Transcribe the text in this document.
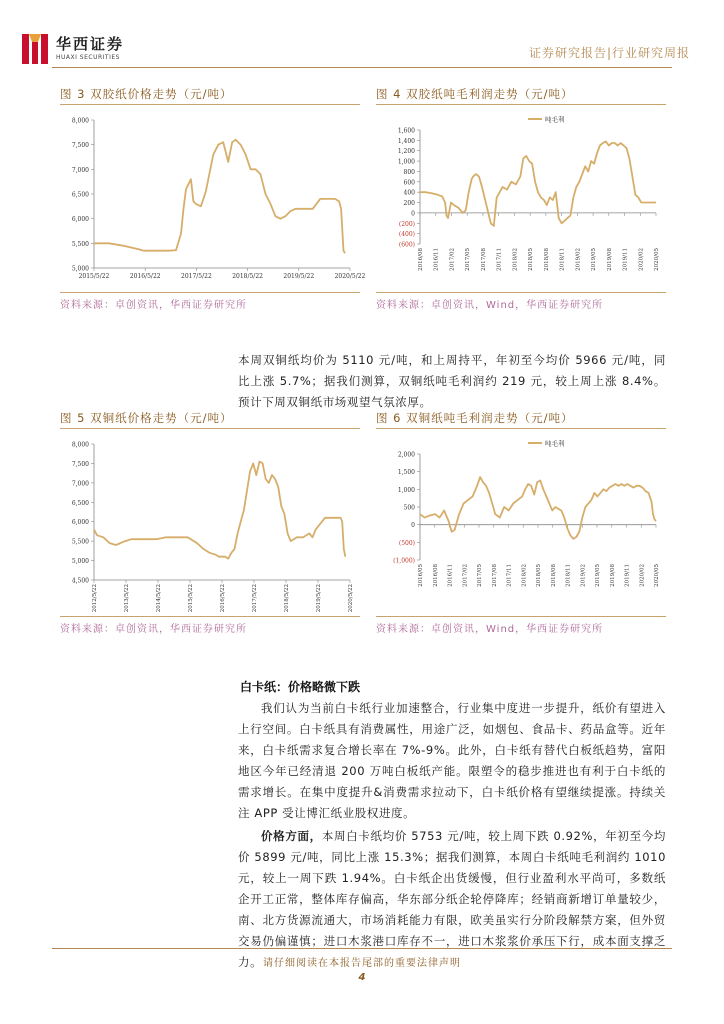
华西证券
HUAXI SECURITIES	证券研究报告|行业研究周报
图 3 双胶纸价格走势（元/吨）
5,000
5,500
6,000
6,500
7,000
7,500
8,000
2015/5/22	2016/5/22	2017/5/22	2018/5/22	2019/5/22	2020/5/22
资料来源：卓创资讯，华西证券研究所
图 4 双胶纸吨毛利润走势（元/吨）
(600)
(400)
(200)
0
200
400
600
800
1,000
1,200
1,400
1,600
2016/08 2016/11 2017/02 2017/05 2017/08 2017/11 2018/02 2018/05 2018/08 2018/11 2019/02 2019/05 2019/08 2019/11 2020/02 2020/05
吨毛利
资料来源：卓创资讯，Wind，华西证券研究所
本周双铜纸均价为 5110 元/吨，和上周持平，年初至今均价 5966 元/吨，同比上涨 5.7%；据我们测算，双铜纸吨毛利润约 219 元，较上周上涨 8.4%。预计下周双铜纸市场观望气氛浓厚。
图 5 双铜纸价格走势（元/吨）
4,500
5,000
5,500
6,000
6,500
7,000
7,500
8,000
2012/5/22	2013/5/22	2014/5/22	2015/5/22	2016/5/22	2017/5/22	2018/5/22	2019/5/22	2020/5/22
资料来源：卓创资讯，华西证券研究所
图 6 双铜纸吨毛利润走势（元/吨）
(1,000)
(500)
0
500
1,000
1,500
2,000
2016/05 2016/08 2016/11 2017/02 2017/05 2017/08 2017/11 2018/02 2018/05 2018/08 2018/11 2019/02 2019/05 2019/08 2019/11 2020/02 2020/05
吨毛利
资料来源：卓创资讯，Wind，华西证券研究所
白卡纸：价格略微下跌
我们认为当前白卡纸行业加速整合，行业集中度进一步提升，纸价有望进入上行空间。白卡纸具有消费属性，用途广泛，如烟包、食品卡、药品盒等。近年来，白卡纸需求复合增长率在 7%-9%。此外，白卡纸有替代白板纸趋势，富阳地区今年已经清退 200 万吨白板纸产能。限塑令的稳步推进也有利于白卡纸的需求增长。在集中度提升&消费需求拉动下，白卡纸价格有望继续提涨。持续关注 APP 受让博汇纸业股权进度。
价格方面，本周白卡纸均价 5753 元/吨，较上周下跌 0.92%，年初至今均价 5899 元/吨，同比上涨 15.3%；据我们测算，本周白卡纸吨毛利润约 1010 元，较上一周下跌 1.94%。白卡纸企出货缓慢，但行业盈利水平尚可，多数纸企开工正常，整体库存偏高，华东部分纸企轮停降库；经销商新增订单量较少，南、北方货源流通大，市场消耗能力有限，欧美虽实行分阶段解禁方案，但外贸交易仍偏谨慎；进口木浆港口库存不一，进口木浆浆价承压下行，成本面支撑乏力。 请仔细阅读在本报告尾部的重要法律声明
4
